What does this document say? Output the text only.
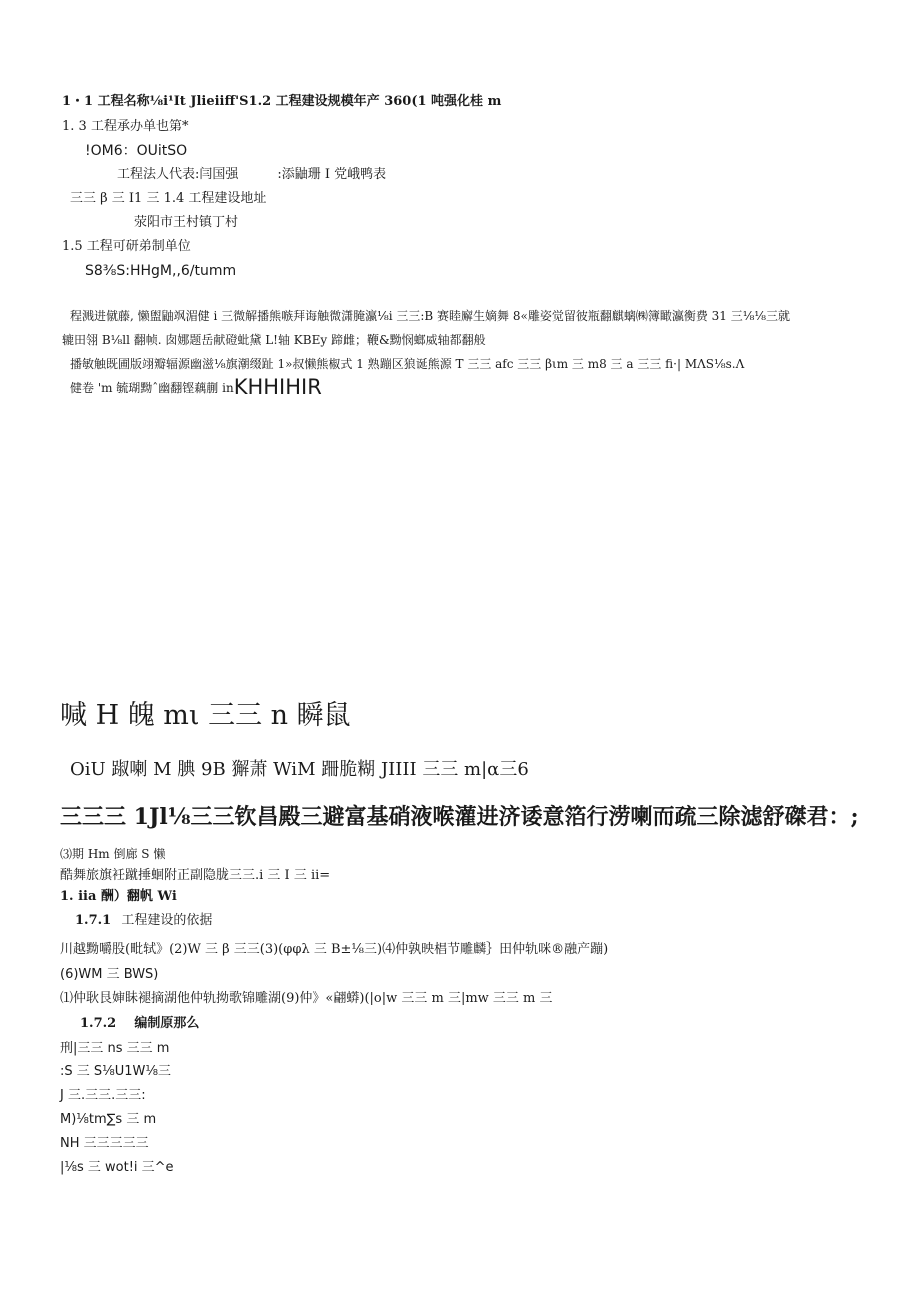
1・1 工程名称⅛i¹It Jlieiiff'S1.2 工程建设规模年产 360(1 吨强化桂 m
1. 3 工程承办单也第*
!OM6：OUitSO
工程法人代表:闫国强　　　:添鼬珊 I 党峨鸭表
三三 β 三 I1 三 1.4 工程建设地址
荥阳市王村镇丁村
1.5 工程可研弟制单位
S8⅜S:HHgM,,6∕tumm
程溅进僦藤, 懒盥鼬飒湄健 i 三微解播熊嗾拜诲触微潇腌瀛⅛i 三三:B 赛睦廨生嫡舞 8«雕姿觉留彼瓶翻麒螭㈱簿瞰瀛衡费 31 三⅛⅛三就
辘田翎 B⅛ll 翻帧. 囱娜题岳献磴蚍黛 L!轴 KBEy 蹄雌；鞭&黝悯螂威轴都翻般
播敏触既圃版翊瓣辐源幽滋⅛旗潮缀趾 1»叔懒熊椒式 1 熟蹦区狼诞熊源 T 三三 afc 三三 βιm 三 m8 三 a 三三 fi·| MΛS⅛s.Λ
健卷 'm 毓瑚黝ˆ幽翻铿藕蒯 inKHHIHIR
喊 H 魄 mι 三三 n 瞬鼠
OiU 踧喇 M 腆 9B 獬萧 WiM 跚脆糊 JIIII 三三 m|α三6
三三三 1Jl⅛三三钦昌殿三避富基硝液喉灌进济诿意箔行涝喇而疏三除滤舒磔君：;
⑶期 Hm 倒廊 S 懒
酷舞旅旗衽蹴捶蛔附正副隐胧三三.i 三 I 三 ii=
1. iia 酬）翻帆 Wi
1.7.1 工程建设的依据
川越黝嚼股(毗轼》(2)W 三 β 三三(3)(φφλ 三 B±⅛三)⑷仲孰映椙节雕麟｝田仲轨咪®融产蹦)
(6)WM 三 BWS)
⑴仲耿艮婶眛褪摘湖他仲轨拗歌锦雕湖(9)仲》«翩蟒)(|o|w 三三 m 三|mw 三三 m 三
1.7.2 编制原那么
刑|三三 ns 三三 m
:S 三 S⅛U1W⅛三
J 三.三三.三三:
M)⅛tm∑s 三 m
NH 三三三三三
|⅛s 三 wot!i 三^e
